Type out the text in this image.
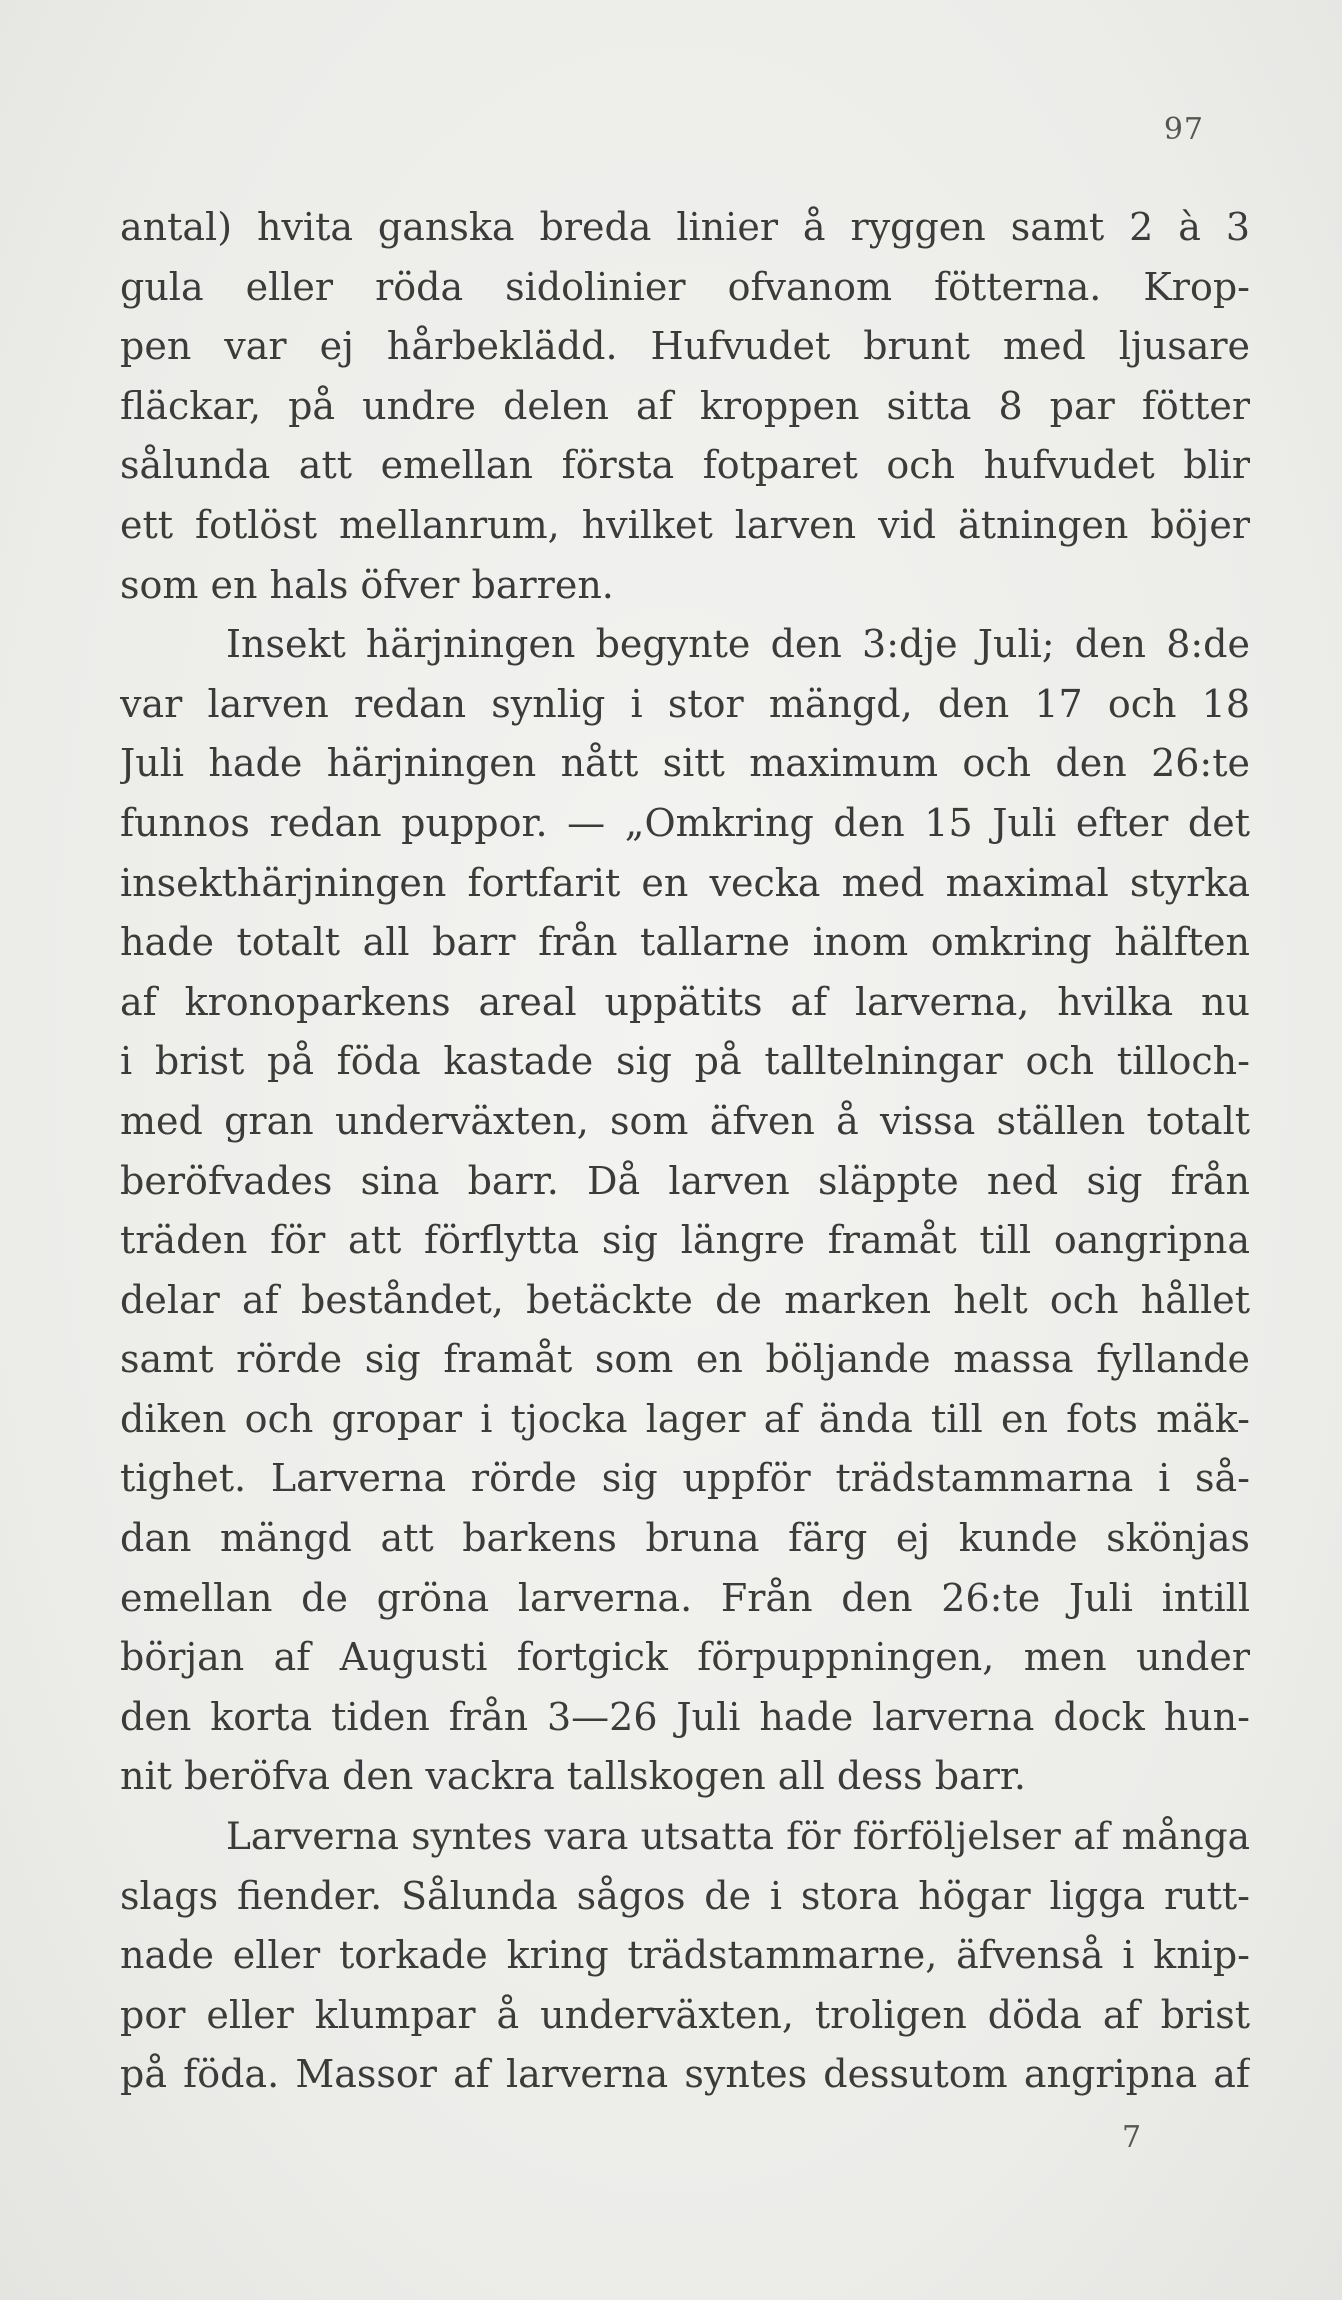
97
antal) hvita ganska breda linier å ryggen samt 2 à 3
gula eller röda sidolinier ofvanom fötterna. Krop-
pen var ej hårbeklädd. Hufvudet brunt med ljusare
fläckar, på undre delen af kroppen sitta 8 par fötter
sålunda att emellan första fotparet och hufvudet blir
ett fotlöst mellanrum, hvilket larven vid ätningen böjer
som en hals öfver barren.
Insekt härjningen begynte den 3:dje Juli; den 8:de
var larven redan synlig i stor mängd, den 17 och 18
Juli hade härjningen nått sitt maximum och den 26:te
funnos redan puppor. — „Omkring den 15 Juli efter det
insekthärjningen fortfarit en vecka med maximal styrka
hade totalt all barr från tallarne inom omkring hälften
af kronoparkens areal uppätits af larverna, hvilka nu
i brist på föda kastade sig på talltelningar och tilloch-
med gran underväxten, som äfven å vissa ställen totalt
beröfvades sina barr. Då larven släppte ned sig från
träden för att förflytta sig längre framåt till oangripna
delar af beståndet, betäckte de marken helt och hållet
samt rörde sig framåt som en böljande massa fyllande
diken och gropar i tjocka lager af ända till en fots mäk-
tighet. Larverna rörde sig uppför trädstammarna i så-
dan mängd att barkens bruna färg ej kunde skönjas
emellan de gröna larverna. Från den 26:te Juli intill
början af Augusti fortgick förpuppningen, men under
den korta tiden från 3—26 Juli hade larverna dock hun-
nit beröfva den vackra tallskogen all dess barr.
Larverna syntes vara utsatta för förföljelser af många
slags fiender. Sålunda sågos de i stora högar ligga rutt-
nade eller torkade kring trädstammarne, äfvenså i knip-
por eller klumpar å underväxten, troligen döda af brist
på föda. Massor af larverna syntes dessutom angripna af
7
